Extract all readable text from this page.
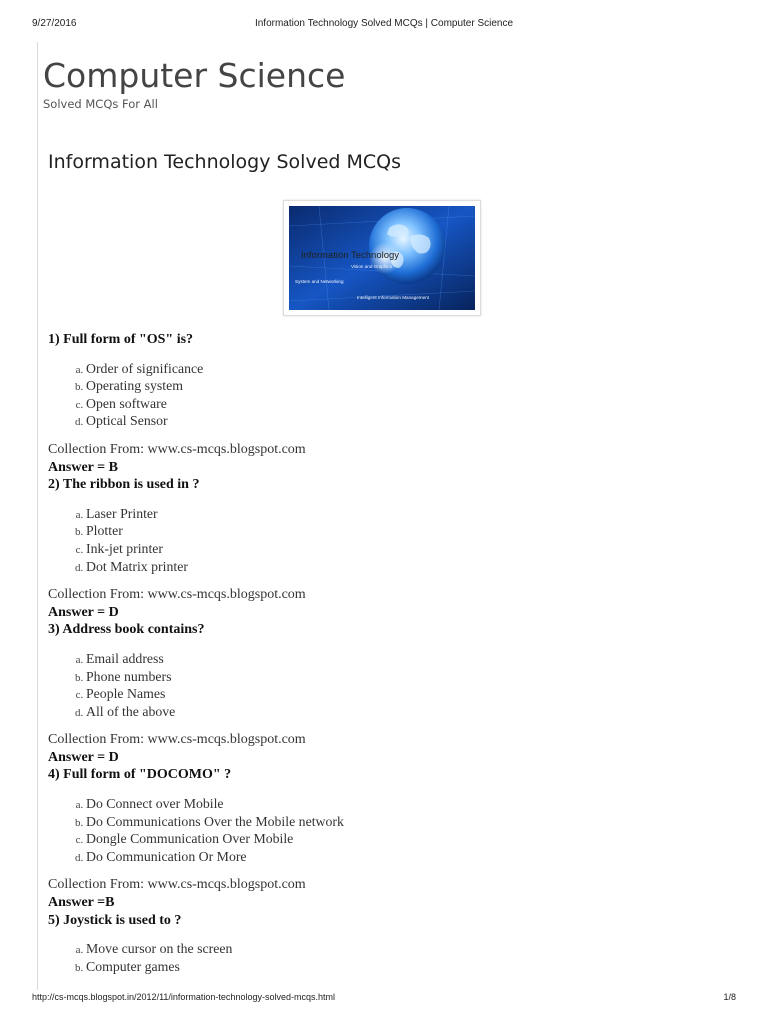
9/27/2016	Information Technology Solved MCQs | Computer Science
Computer Science
Solved MCQs For All
Information Technology Solved MCQs
Information Technology
Vision and Graphics
System and Networking
Intelligent Information Management

1) Full form of "OS" is?

a. Order of significance
b. Operating system
c. Open software
d. Optical Sensor

Collection From: www.cs-mcqs.blogspot.com

Answer = B

2) The ribbon is used in ?

a. Laser Printer
b. Plotter
c. Ink-jet printer
d. Dot Matrix printer

Collection From: www.cs-mcqs.blogspot.com

Answer = D

3) Address book contains?

a. Email address
b. Phone numbers
c. People Names
d. All of the above

Collection From: www.cs-mcqs.blogspot.com

Answer = D

4) Full form of "DOCOMO" ?

a. Do Connect over Mobile
b. Do Communications Over the Mobile network
c. Dongle Communication Over Mobile
d. Do Communication Or More

Collection From: www.cs-mcqs.blogspot.com

Answer =B

5) Joystick is used to ?

a. Move cursor on the screen
b. Computer games
http://cs-mcqs.blogspot.in/2012/11/information-technology-solved-mcqs.html	1/8
